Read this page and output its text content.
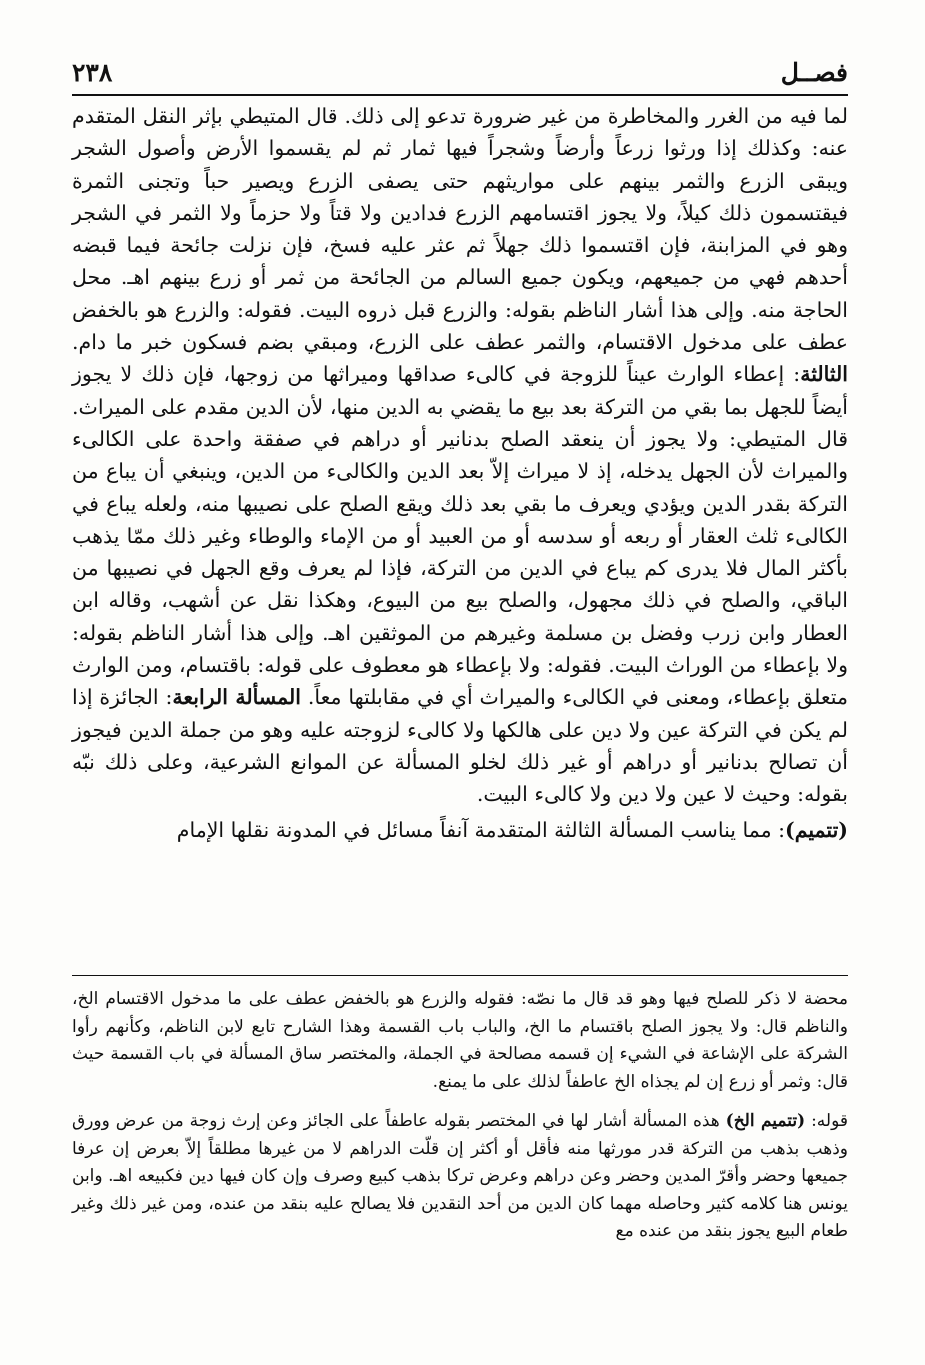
٢٣٨	فصــل

لما فيه من الغرر والمخاطرة من غير ضرورة تدعو إلى ذلك. قال المتيطي بإثر النقل المتقدم عنه: وكذلك إذا ورثوا زرعاً وأرضاً وشجراً فيها ثمار ثم لم يقسموا الأرض وأصول الشجر ويبقى الزرع والثمر بينهم على مواريثهم حتى يصفى الزرع ويصير حباً وتجنى الثمرة فيقتسمون ذلك كيلاً، ولا يجوز اقتسامهم الزرع فدادين ولا قتاً ولا حزماً ولا الثمر في الشجر وهو في المزابنة، فإن اقتسموا ذلك جهلاً ثم عثر عليه فسخ، فإن نزلت جائحة فيما قبضه أحدهم فهي من جميعهم، ويكون جميع السالم من الجائحة من ثمر أو زرع بينهم اهـ. محل الحاجة منه. وإلى هذا أشار الناظم بقوله: والزرع قبل ذروه البيت. فقوله: والزرع هو بالخفض عطف على مدخول الاقتسام، والثمر عطف على الزرع، ومبقي بضم فسكون خبر ما دام. الثالثة: إعطاء الوارث عيناً للزوجة في كالىء صداقها وميراثها من زوجها، فإن ذلك لا يجوز أيضاً للجهل بما بقي من التركة بعد بيع ما يقضي به الدين منها، لأن الدين مقدم على الميراث. قال المتيطي: ولا يجوز أن ينعقد الصلح بدنانير أو دراهم في صفقة واحدة على الكالىء والميراث لأن الجهل يدخله، إذ لا ميراث إلاّ بعد الدين والكالىء من الدين، وينبغي أن يباع من التركة بقدر الدين ويؤدي ويعرف ما بقي بعد ذلك ويقع الصلح على نصيبها منه، ولعله يباع في الكالىء ثلث العقار أو ربعه أو سدسه أو من العبيد أو من الإماء والوطاء وغير ذلك ممّا يذهب بأكثر المال فلا يدرى كم يباع في الدين من التركة، فإذا لم يعرف وقع الجهل في نصيبها من الباقي، والصلح في ذلك مجهول، والصلح بيع من البيوع، وهكذا نقل عن أشهب، وقاله ابن العطار وابن زرب وفضل بن مسلمة وغيرهم من الموثقين اهـ. وإلى هذا أشار الناظم بقوله: ولا بإعطاء من الوراث البيت. فقوله: ولا بإعطاء هو معطوف على قوله: باقتسام، ومن الوارث متعلق بإعطاء، ومعنى في الكالىء والميراث أي في مقابلتها معاً. المسألة الرابعة: الجائزة إذا لم يكن في التركة عين ولا دين على هالكها ولا كالىء لزوجته عليه وهو من جملة الدين فيجوز أن تصالح بدنانير أو دراهم أو غير ذلك لخلو المسألة عن الموانع الشرعية، وعلى ذلك نبّه بقوله: وحيث لا عين ولا دين ولا كالىء البيت.

(تتميم): مما يناسب المسألة الثالثة المتقدمة آنفاً مسائل في المدونة نقلها الإمام

محضة لا ذكر للصلح فيها وهو قد قال ما نصّه: فقوله والزرع هو بالخفض عطف على ما مدخول الاقتسام الخ، والناظم قال: ولا يجوز الصلح باقتسام ما الخ، والباب باب القسمة وهذا الشارح تابع لابن الناظم، وكأنهم رأوا الشركة على الإشاعة في الشيء إن قسمه مصالحة في الجملة، والمختصر ساق المسألة في باب القسمة حيث قال: وثمر أو زرع إن لم يجذاه الخ عاطفاً لذلك على ما يمنع.

قوله: (تتميم الخ) هذه المسألة أشار لها في المختصر بقوله عاطفاً على الجائز وعن إرث زوجة من عرض وورق وذهب بذهب من التركة قدر مورثها منه فأقل أو أكثر إن قلّت الدراهم لا من غيرها مطلقاً إلاّ بعرض إن عرفا جميعها وحضر وأقرّ المدين وحضر وعن دراهم وعرض تركا بذهب كبيع وصرف وإن كان فيها دين فكبيعه اهـ. وابن يونس هنا كلامه كثير وحاصله مهما كان الدين من أحد النقدين فلا يصالح عليه بنقد من عنده، ومن غير ذلك وغير طعام البيع يجوز بنقد من عنده مع
